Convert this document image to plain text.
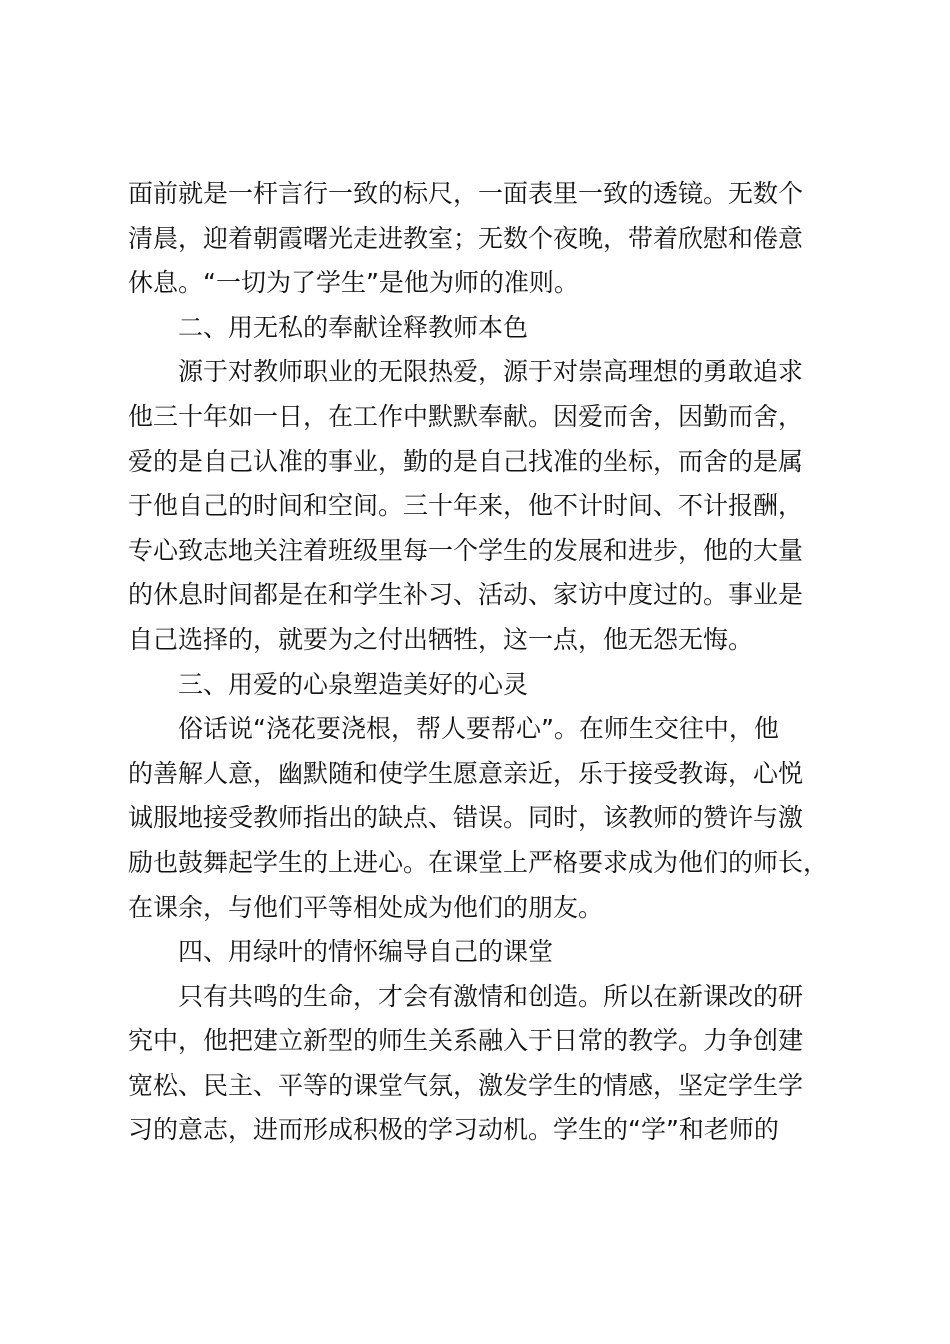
面前就是一杆言行一致的标尺，一面表里一致的透镜。无数个
清晨，迎着朝霞曙光走进教室；无数个夜晚，带着欣慰和倦意
休息。“一切为了学生”是他为师的准则。
二、用无私的奉献诠释教师本色
源于对教师职业的无限热爱，源于对崇高理想的勇敢追求
他三十年如一日，在工作中默默奉献。因爱而舍，因勤而舍，
爱的是自己认准的事业，勤的是自己找准的坐标，而舍的是属
于他自己的时间和空间。三十年来，他不计时间、不计报酬，
专心致志地关注着班级里每一个学生的发展和进步，他的大量
的休息时间都是在和学生补习、活动、家访中度过的。事业是
自己选择的，就要为之付出牺牲，这一点，他无怨无悔。
三、用爱的心泉塑造美好的心灵
俗话说“浇花要浇根，帮人要帮心”。在师生交往中，他
的善解人意，幽默随和使学生愿意亲近，乐于接受教诲，心悦
诚服地接受教师指出的缺点、错误。同时，该教师的赞许与激
励也鼓舞起学生的上进心。在课堂上严格要求成为他们的师长，
在课余，与他们平等相处成为他们的朋友。
四、用绿叶的情怀编导自己的课堂
只有共鸣的生命，才会有激情和创造。所以在新课改的研
究中，他把建立新型的师生关系融入于日常的教学。力争创建
宽松、民主、平等的课堂气氛，激发学生的情感，坚定学生学
习的意志，进而形成积极的学习动机。学生的“学”和老师的
